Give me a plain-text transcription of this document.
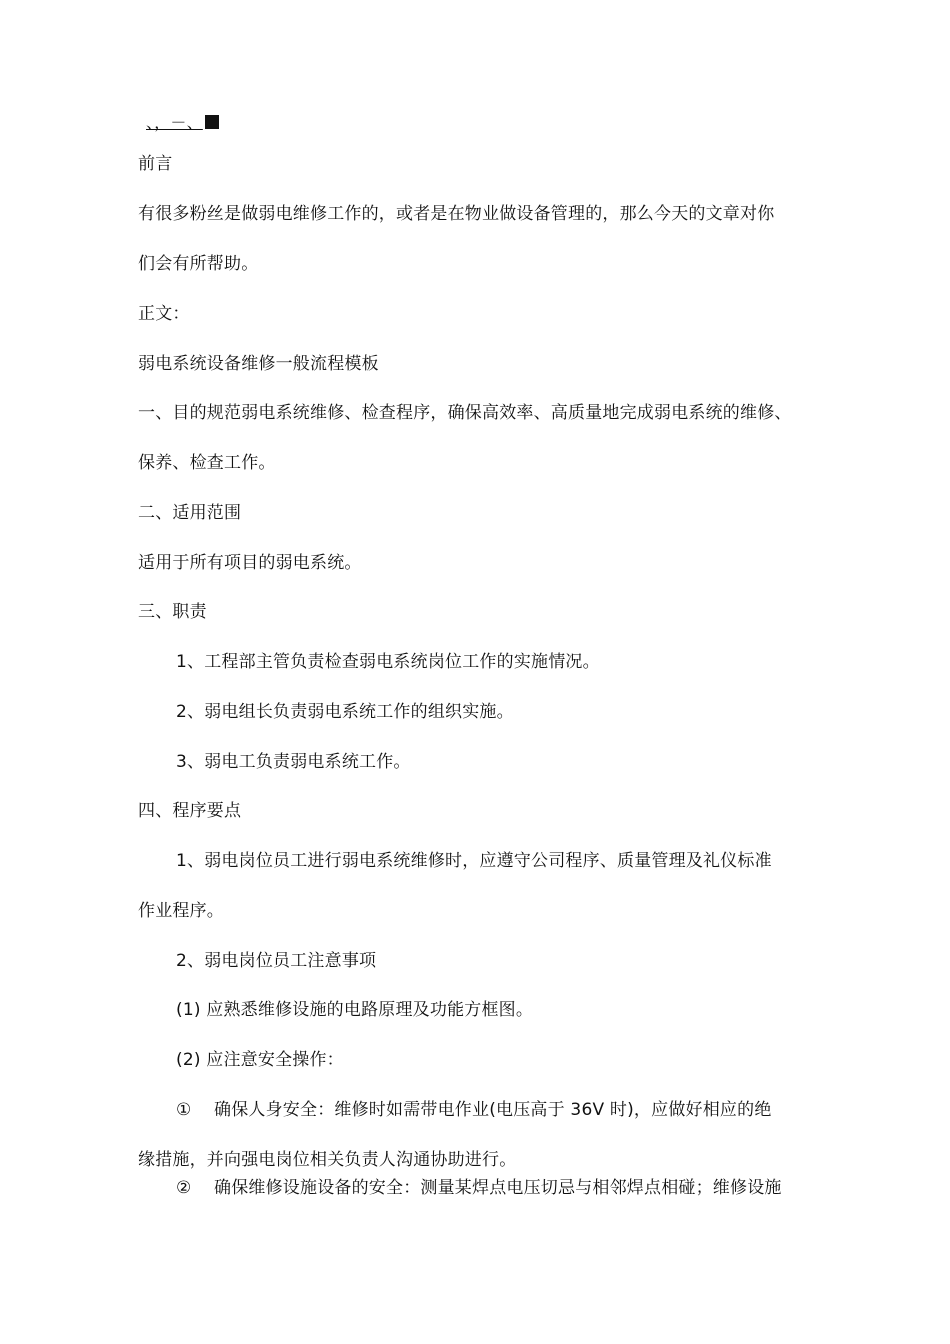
、，－、
前言
有很多粉丝是做弱电维修工作的，或者是在物业做设备管理的，那么今天的文章对你
们会有所帮助。
正文：
弱电系统设备维修一般流程模板
一、目的规范弱电系统维修、检查程序，确保高效率、高质量地完成弱电系统的维修、
保养、检查工作。
二、适用范围
适用于所有项目的弱电系统。
三、职责
1、工程部主管负责检查弱电系统岗位工作的实施情况。
2、弱电组长负责弱电系统工作的组织实施。
3、弱电工负责弱电系统工作。
四、程序要点
1、弱电岗位员工进行弱电系统维修时，应遵守公司程序、质量管理及礼仪标准
作业程序。
2、弱电岗位员工注意事项
(1) 应熟悉维修设施的电路原理及功能方框图。
(2) 应注意安全操作：
① 确保人身安全：维修时如需带电作业(电压高于 36V 时)，应做好相应的绝
缘措施，并向强电岗位相关负责人沟通协助进行。
② 确保维修设施设备的安全：测量某焊点电压切忌与相邻焊点相碰；维修设施
